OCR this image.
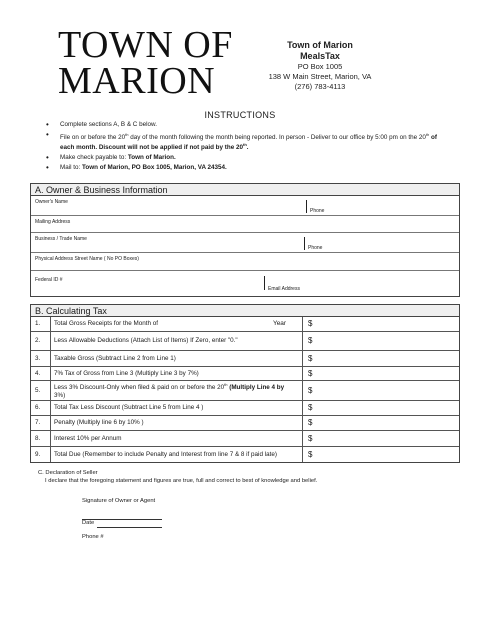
TOWN OF
MARION
Town of Marion
MealsTax
PO Box 1005
138 W Main Street, Marion, VA
(276) 783-4113
INSTRUCTIONS
• Complete sections A, B & C below.
• File on or before the 20th day of the month following the month being reported. In person - Deliver to our office by 5:00 pm on the 20th of each month. Discount will not be applied if not paid by the 20th.
• Make check payable to: Town of Marion.
• Mail to: Town of Marion, PO Box 1005, Marion, VA 24354.
A. Owner & Business Information
Owner's Name
Phone
Mailing Address
Business / Trade Name
Phone
Physical Address Street Name ( No PO Boxes)
Federal ID #
Email Address
B. Calculating Tax
1.	Total Gross Receipts for the Month of Year	$
2.	Less Allowable Deductions (Attach List of Items) If Zero, enter "0."	$
3.	Taxable Gross (Subtract Line 2 from Line 1)	$
4.	7% Tax of Gross from Line 3 (Multiply Line 3 by 7%)	$
5.	Less 3% Discount-Only when filed & paid on or before the 20th (Multiply Line 4 by
3%)	$
6.	Total Tax Less Discount (Subtract Line 5 from Line 4 )	$
7.	Penalty (Multiply line 6 by 10% )	$
8.	Interest 10% per Annum	$
9.	Total Due (Remember to include Penalty and Interest from line 7 & 8 if paid late)	$
C. Declaration of Seller
I declare that the foregoing statement and figures are true, full and correct to best of knowledge and belief.
Signature of Owner or Agent
Date
Phone #
